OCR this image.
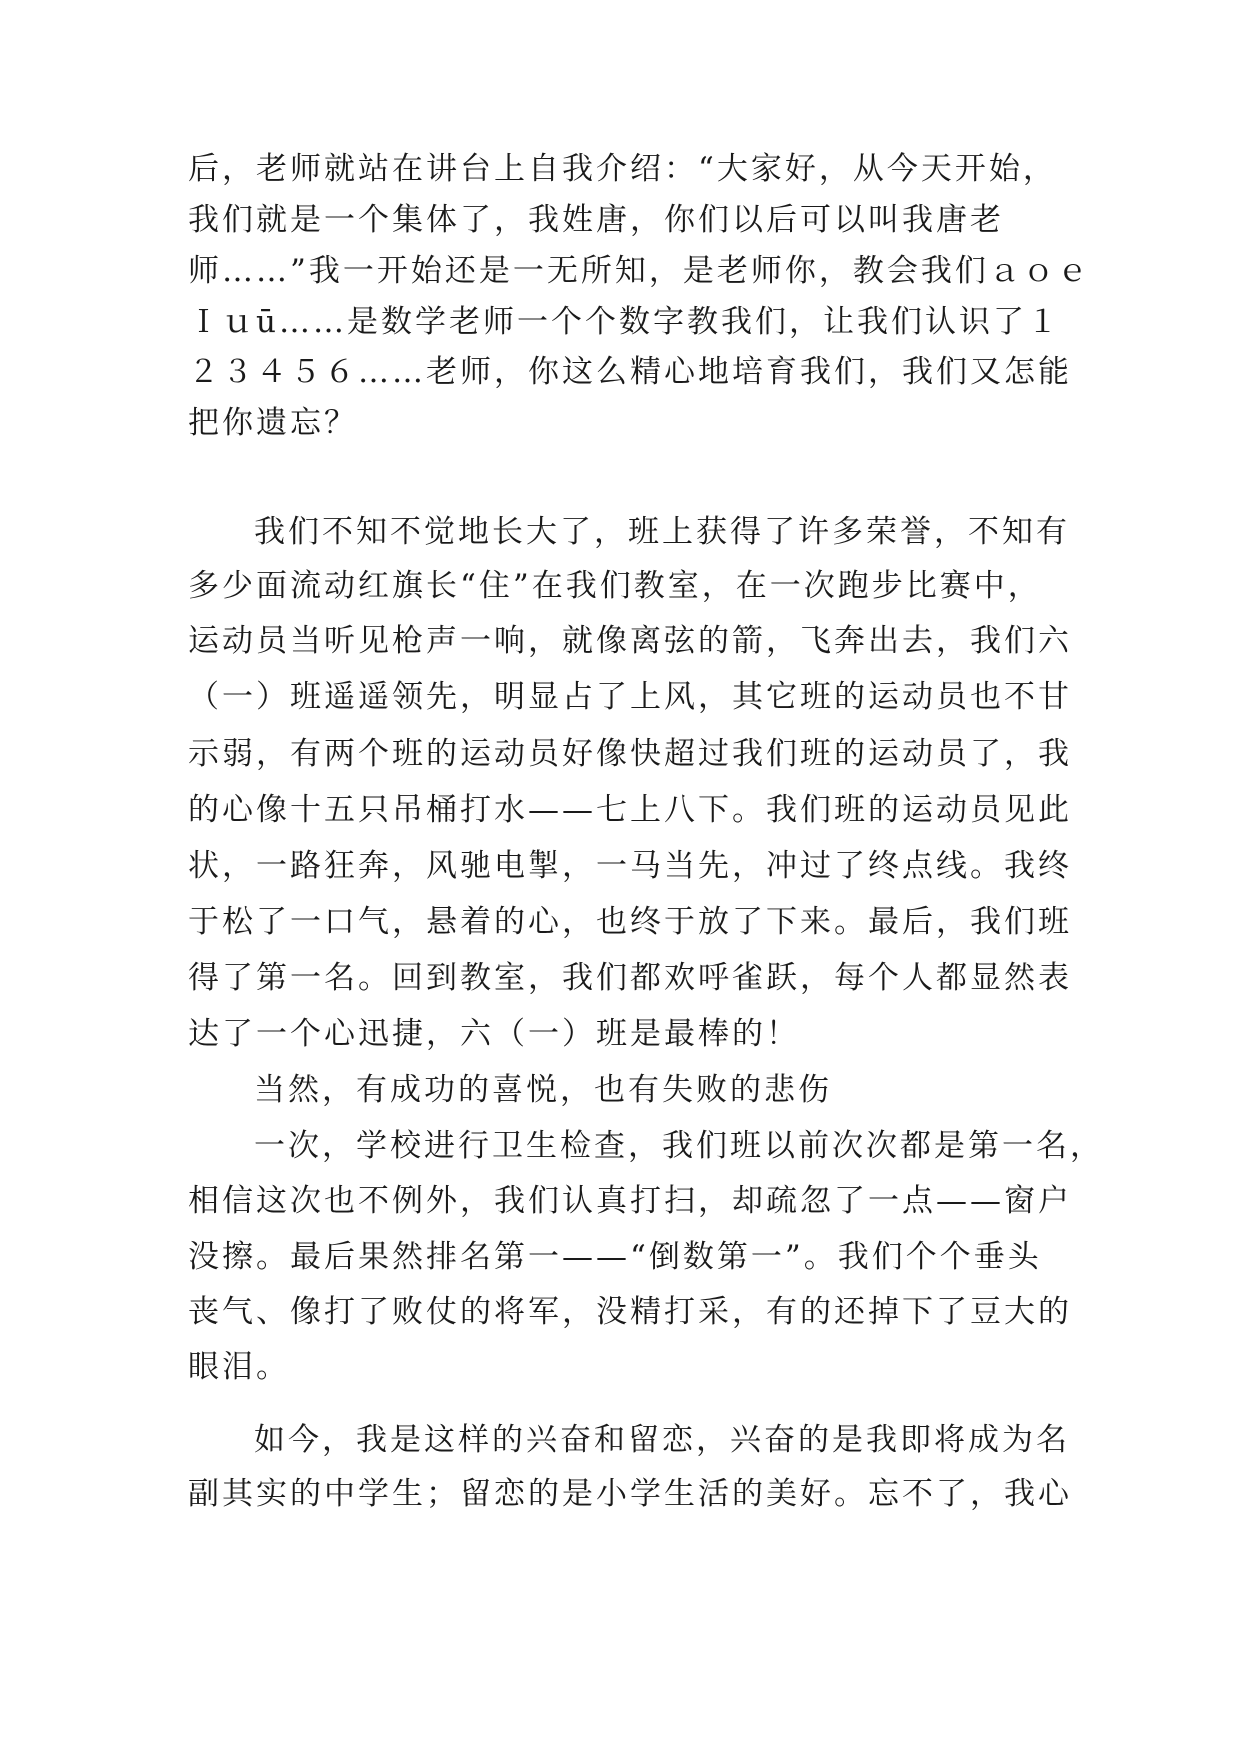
后，老师就站在讲台上自我介绍：“大家好，从今天开始，
我们就是一个集体了，我姓唐，你们以后可以叫我唐老
师……”我一开始还是一无所知，是老师你，教会我们ａｏｅ
Ｉｕū……是数学老师一个个数字教我们，让我们认识了１
２３４５６……老师，你这么精心地培育我们，我们又怎能
把你遗忘？
我们不知不觉地长大了，班上获得了许多荣誉，不知有
多少面流动红旗长“住”在我们教室，在一次跑步比赛中，
运动员当听见枪声一响，就像离弦的箭，飞奔出去，我们六
（一）班遥遥领先，明显占了上风，其它班的运动员也不甘
示弱，有两个班的运动员好像快超过我们班的运动员了，我
的心像十五只吊桶打水——七上八下。我们班的运动员见此
状，一路狂奔，风驰电掣，一马当先，冲过了终点线。我终
于松了一口气，悬着的心，也终于放了下来。最后，我们班
得了第一名。回到教室，我们都欢呼雀跃，每个人都显然表
达了一个心迅捷，六（一）班是最棒的！
当然，有成功的喜悦，也有失败的悲伤
一次，学校进行卫生检查，我们班以前次次都是第一名，
相信这次也不例外，我们认真打扫，却疏忽了一点——窗户
没擦。最后果然排名第一——“倒数第一”。我们个个垂头
丧气、像打了败仗的将军，没精打采，有的还掉下了豆大的
眼泪。
如今，我是这样的兴奋和留恋，兴奋的是我即将成为名
副其实的中学生；留恋的是小学生活的美好。忘不了，我心
